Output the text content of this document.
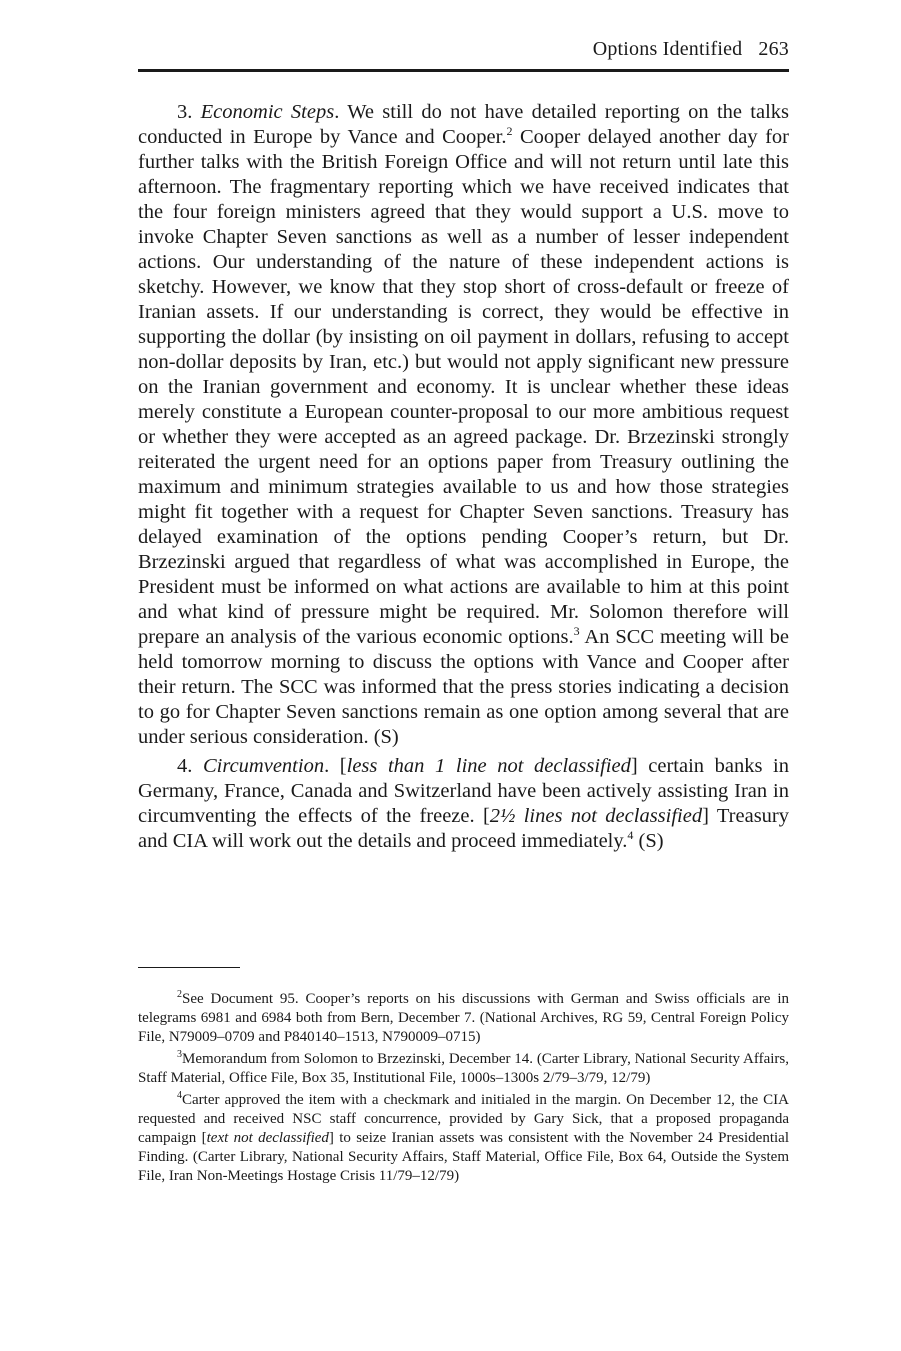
Options Identified 263

3. Economic Steps. We still do not have detailed reporting on the talks conducted in Europe by Vance and Cooper.$^2$ Cooper delayed another day for further talks with the British Foreign Office and will not return until late this afternoon. The fragmentary reporting which we have received indicates that the four foreign ministers agreed that they would support a U.S. move to invoke Chapter Seven sanctions as well as a number of lesser independent actions. Our understanding of the nature of these independent actions is sketchy. However, we know that they stop short of cross-default or freeze of Iranian assets. If our understanding is correct, they would be effective in supporting the dollar (by insisting on oil payment in dollars, refusing to accept non-dollar deposits by Iran, etc.) but would not apply significant new pressure on the Iranian government and economy. It is unclear whether these ideas merely constitute a European counter-proposal to our more ambitious request or whether they were accepted as an agreed package. Dr. Brzezinski strongly reiterated the urgent need for an options paper from Treasury outlining the maximum and minimum strategies available to us and how those strategies might fit together with a request for Chapter Seven sanctions. Treasury has delayed examination of the options pending Cooper’s return, but Dr. Brzezinski argued that regardless of what was accomplished in Europe, the President must be informed on what actions are available to him at this point and what kind of pressure might be required. Mr. Solomon therefore will prepare an analysis of the various economic options.$^3$ An SCC meeting will be held tomorrow morning to discuss the options with Vance and Cooper after their return. The SCC was informed that the press stories indicating a decision to go for Chapter Seven sanctions remain as one option among several that are under serious consideration. (S)

4. Circumvention. [less than 1 line not declassified] certain banks in Germany, France, Canada and Switzerland have been actively assisting Iran in circumventing the effects of the freeze. [2½ lines not declassified] Treasury and CIA will work out the details and proceed immediately.$^4$ (S)

$^2$See Document 95. Cooper’s reports on his discussions with German and Swiss officials are in telegrams 6981 and 6984 both from Bern, December 7. (National Archives, RG 59, Central Foreign Policy File, N79009–0709 and P840140–1513, N790009–0715)

$^3$Memorandum from Solomon to Brzezinski, December 14. (Carter Library, National Security Affairs, Staff Material, Office File, Box 35, Institutional File, 1000s–1300s 2/79–3/79, 12/79)

$^4$Carter approved the item with a checkmark and initialed in the margin. On December 12, the CIA requested and received NSC staff concurrence, provided by Gary Sick, that a proposed propaganda campaign [text not declassified] to seize Iranian assets was consistent with the November 24 Presidential Finding. (Carter Library, National Security Affairs, Staff Material, Office File, Box 64, Outside the System File, Iran Non-Meetings Hostage Crisis 11/79–12/79)
